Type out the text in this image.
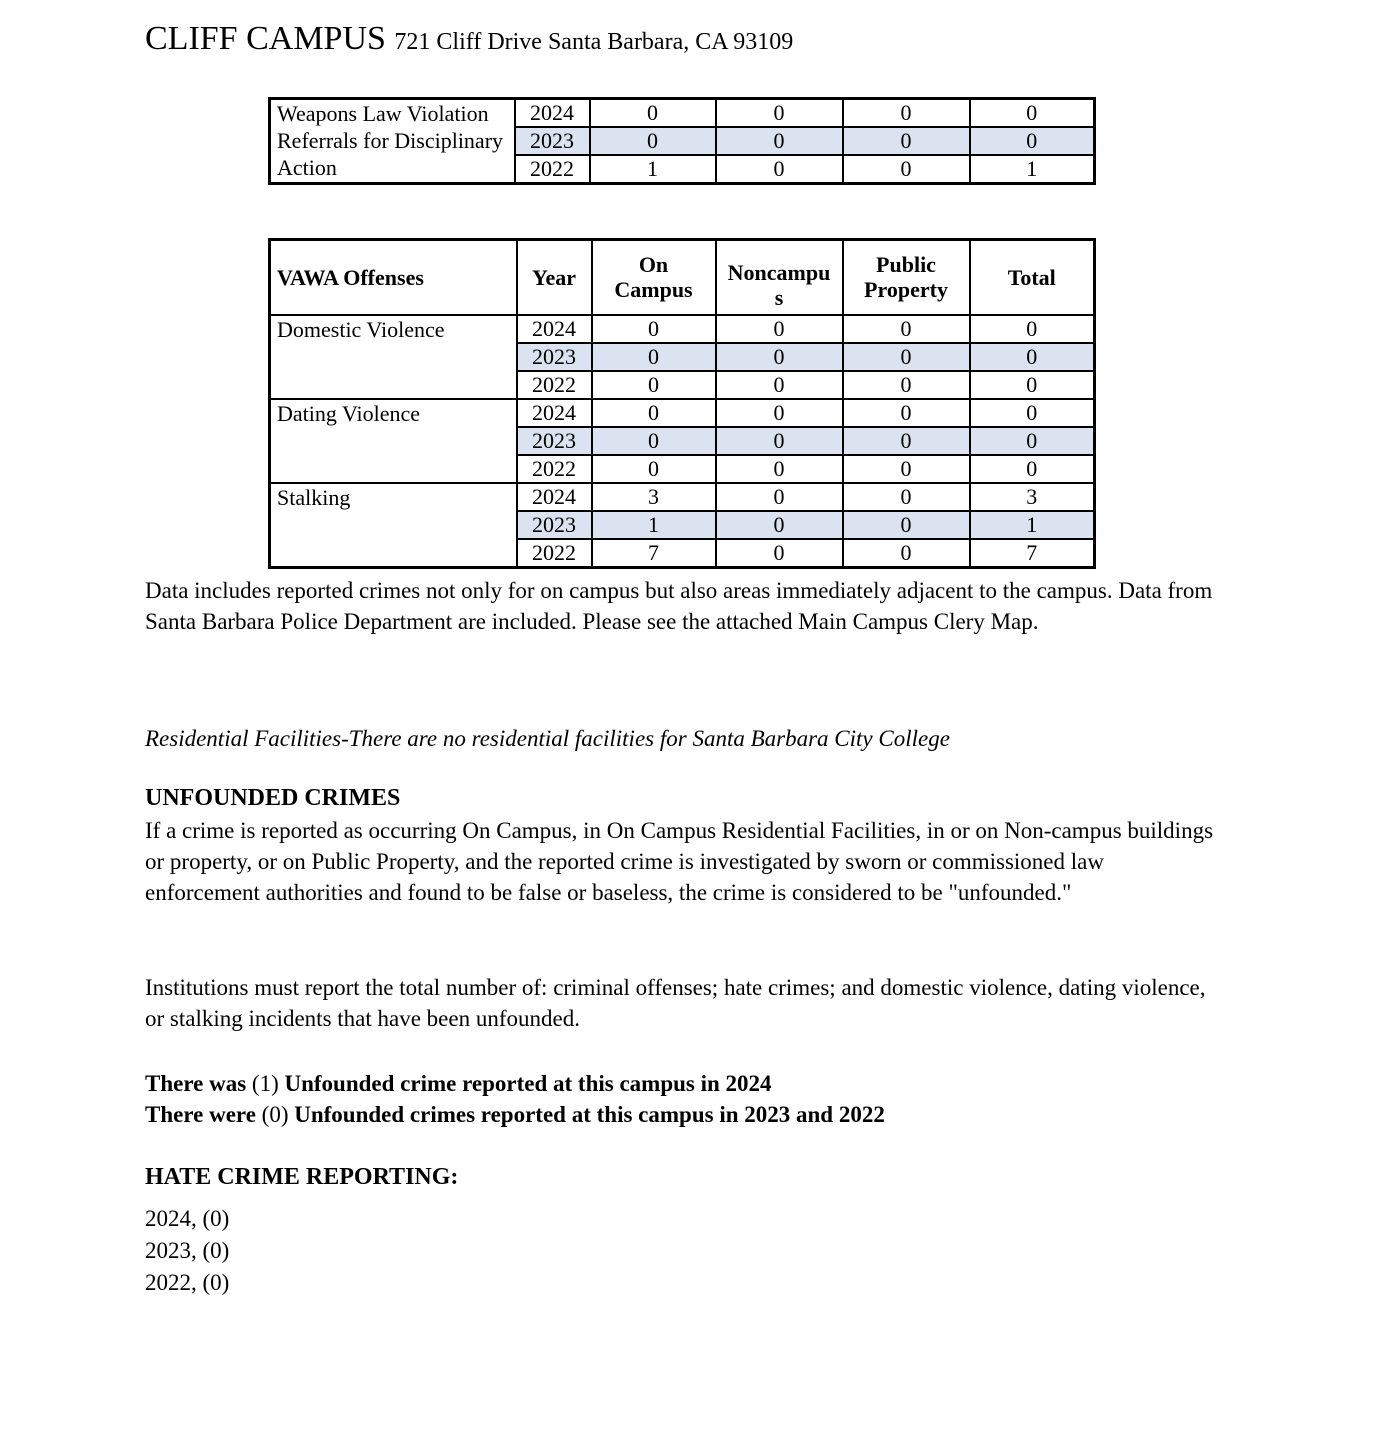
CLIFF CAMPUS 721 Cliff Drive Santa Barbara, CA 93109
Weapons Law Violation Referrals for Disciplinary Action	2024	0	0	0	0
	2023	0	0	0	0
	2022	1	0	0	1
VAWA Offenses	Year	On Campus	Noncampus	Public Property	Total
Domestic Violence	2024	0	0	0	0
	2023	0	0	0	0
	2022	0	0	0	0
Dating Violence	2024	0	0	0	0
	2023	0	0	0	0
	2022	0	0	0	0
Stalking	2024	3	0	0	3
	2023	1	0	0	1
	2022	7	0	0	7

Data includes reported crimes not only for on campus but also areas immediately adjacent to the campus. Data from Santa Barbara Police Department are included. Please see the attached Main Campus Clery Map.

Residential Facilities-There are no residential facilities for Santa Barbara City College

UNFOUNDED CRIMES

If a crime is reported as occurring On Campus, in On Campus Residential Facilities, in or on Non-campus buildings or property, or on Public Property, and the reported crime is investigated by sworn or commissioned law enforcement authorities and found to be false or baseless, the crime is considered to be "unfounded."

Institutions must report the total number of: criminal offenses; hate crimes; and domestic violence, dating violence, or stalking incidents that have been unfounded.

There was (1) Unfounded crime reported at this campus in 2024
There were (0) Unfounded crimes reported at this campus in 2023 and 2022

HATE CRIME REPORTING:

2024, (0)
2023, (0)
2022, (0)
